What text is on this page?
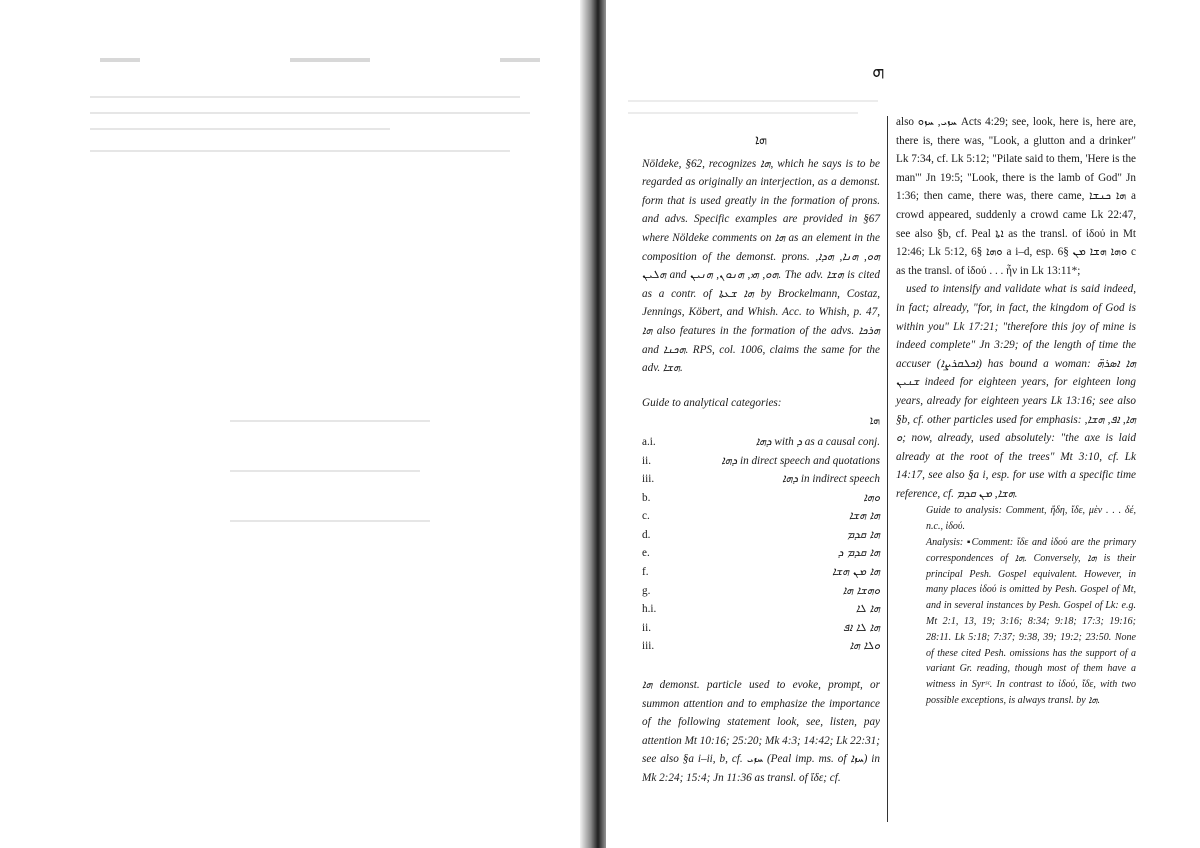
ܗ
ܗܐ
Nöldeke, §62, recognizes ܗܐ, which he says is to be regarded as originally an interjection, as a demonst. form that is used greatly in the formation of prons. and advs. Specific examples are provided in §67 where Nöldeke comments on ܗܐ as an element in the composition of the demonst. prons. ܗܘ, ܗܢܐ, ܗܕܐ, ܗܠܝܢ and ܗܘ, ܗܝ, ܗܢܘܢ, ܗܢܝܢ. The adv. ܗܫܐ is cited as a contr. of ܗܐ ܫܥܬܐ by Brockelmann, Costaz, Jennings, Köbert, and Whish. Acc. to Whish, p. 47, ܗܐ also features in the formation of the advs. ܗܪܟܐ and ܗܟܢܐ. RPS, col. 1006, claims the same for the adv. ܗܫܐ.
Guide to analytical categories:
ܗܐ
a.i.	ܕܗܐ with ܕ as a causal conj.
ii.	ܕܗܐ in direct speech and quotations
iii.	ܕܗܐ in indirect speech
b.	ܘܗܐ
c.	ܗܐ ܗܫܐ
d.	ܗܐ ܩܕܡ
e.	ܗܐ ܩܕܡ ܕ
f.	ܗܐ ܡܢ ܗܫܐ
g.	ܘܗܫܐ ܗܐ
h.i.	ܗܐ ܠܐ
ii.	ܗܐ ܠܐ ܐܦ
iii.	ܘܠܐ ܗܐ
ܗܐ demonst. particle used to evoke, prompt, or summon attention and to emphasize the importance of the following statement look, see, listen, pay attention Mt 10:16; 25:20; Mk 4:3; 14:42; Lk 22:31; see also §a i–ii, b, cf. ܚܙܝ (Peal imp. ms. of ܚܙܐ) in Mk 2:24; 15:4; Jn 11:36 as transl. of ἴδε; cf.

also ܚܙܝ, ܚܙܘ Acts 4:29; see, look, here is, here are, there is, there was, "Look, a glutton and a drinker" Lk 7:34, cf. Lk 5:12; "Pilate said to them, 'Here is the man'" Jn 19:5; "Look, there is the lamb of God" Jn 1:36; then came, there was, there came, ܗܐ ܟܢܫܐ a crowd appeared, suddenly a crowd came Lk 22:47, see also §b, cf. Peal ܐܬܐ as the transl. of ἰδού in Mt 12:46; Lk 5:12, ܘܗܐ §6 a i–d, esp. ܘܗܐ ܗܫܐ ܡܢ §6 c as the transl. of ἰδού . . . ἦν in Lk 13:11*;

used to intensify and validate what is said indeed, in fact; already, "for, in fact, the kingdom of God is within you" Lk 17:21; "therefore this joy of mine is indeed complete" Jn 3:29; of the length of time the accuser (ܐܟܠܩܪܨܐ) has bound a woman: ܗܐ ܐܣܪܗ̈ ܫܢܝܢ indeed for eighteen years, for eighteen long years, already for eighteen years Lk 13:16; see also §b, cf. other particles used for emphasis: ܗܐ, ܐܦ, ܗܫܐ, ܘ; now, already, used absolutely: "the axe is laid already at the root of the trees" Mt 3:10, cf. Lk 14:17, see also §a i, esp. for use with a specific time reference, cf. ܗܫܐ, ܡܢ ܩܕܡ.

Guide to analysis: Comment, ἤδη, ἴδε, μὲν . . . δέ, n.c., ἰδού.

Analysis: ▪Comment: ἴδε and ἰδού are the primary correspondences of ܗܐ. Conversely, ܗܐ is their principal Pesh. Gospel equivalent. However, in many places ἰδού is omitted by Pesh. Gospel of Mt, and in several instances by Pesh. Gospel of Lk: e.g. Mt 2:1, 13, 19; 3:16; 8:34; 9:18; 17:3; 19:16; 28:11. Lk 5:18; 7:37; 9:38, 39; 19:2; 23:50. None of these cited Pesh. omissions has the support of a variant Gr. reading, though most of them have a witness in Syrˢᶜ. In contrast to ἰδού, ἴδε, with two possible exceptions, is always transl. by ܗܐ.
